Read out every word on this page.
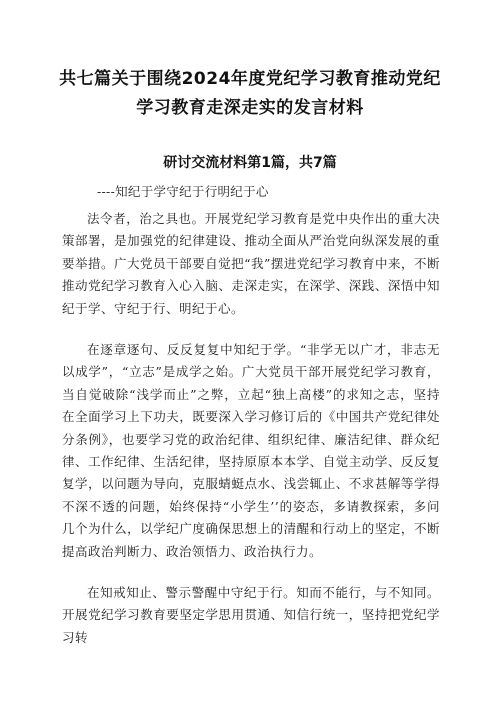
共七篇关于围绕2024年度党纪学习教育推动党纪
学习教育走深走实的发言材料
研讨交流材料第1篇，共7篇
----知纪于学守纪于行明纪于心

法令者，治之具也。开展党纪学习教育是党中央作出的重大决策部署，是加强党的纪律建设、推动全面从严治党向纵深发展的重要举措。广大党员干部要自觉把“我”摆进党纪学习教育中来，不断推动党纪学习教育入心入脑、走深走实，在深学、深践、深悟中知纪于学、守纪于行、明纪于心。

在逐章逐句、反反复复中知纪于学。“非学无以广才，非志无以成学”，“立志”是成学之始。广大党员干部开展党纪学习教育，当自觉破除“浅学而止”之弊，立起“独上高楼”的求知之志，坚持在全面学习上下功夫，既要深入学习修订后的《中国共产党纪律处分条例》，也要学习党的政治纪律、组织纪律、廉洁纪律、群众纪律、工作纪律、生活纪律，坚持原原本本学、自觉主动学、反反复复学，以问题为导向，克服蜻蜓点水、浅尝辄止、不求甚解等学得不深不透的问题，始终保持“小学生’’的姿态，多请教探索，多问几个为什么，以学纪广度确保思想上的清醒和行动上的坚定，不断提高政治判断力、政治领悟力、政治执行力。

在知戒知止、警示警醒中守纪于行。知而不能行，与不知同。开展党纪学习教育要坚定学思用贯通、知信行统一，坚持把党纪学习转
